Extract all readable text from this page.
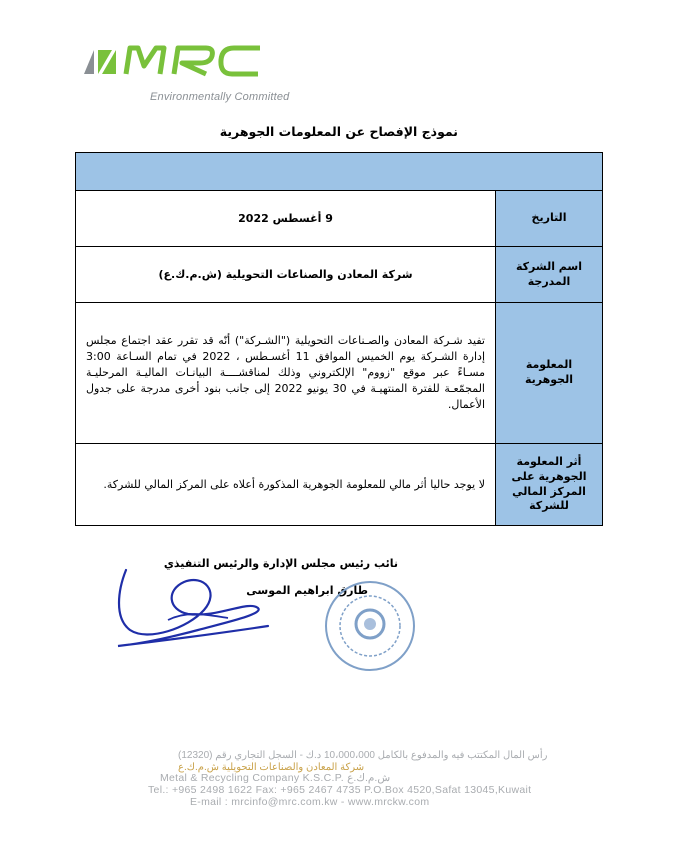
MRC
Environmentally Committed
نموذج الإفصاح عن المعلومات الجوهرية
التاريخ
9 أغسطس 2022
اسم الشركة المدرجة
شركة المعادن والصناعات التحويلية (ش.م.ك.ع)
المعلومة الجوهرية
تفيد شـركة المعادن والصـناعات التحويلية ("الشـركة") أنّه قد تقرر عقد اجتماع مجلس إدارة الشـركة يوم الخميس الموافق 11 أغسـطس ، 2022 في تمام السـاعة 3:00 مسـاءً عبر موقع "زووم" الإلكتروني وذلك لمناقشــــة البيانـات الماليـة المرحليـة المجمّعـة للفترة المنتهيـة في 30 يونيو 2022 إلى جانب بنود أخرى مدرجة على جدول الأعمال.
أثر المعلومة الجوهرية على المركز المالي للشركة
لا يوجد حاليا أثر مالي للمعلومة الجوهرية المذكورة أعلاه على المركز المالي للشركة.
نائب رئيس مجلس الإدارة والرئيس التنفيذي
طارق ابراهيم الموسى
رأس المال المكتتب فيه والمدفوع بالكامل 10،000،000 د.ك - السجل التجاري رقم (12320)
شركة المعادن والصناعات التحويلية ش.م.ك.ع
Metal & Recycling Company K.S.C.P. ش.م.ك.ع
Tel.: +965 2498 1622 Fax: +965 2467 4735 P.O.Box 4520,Safat 13045,Kuwait
E-mail : mrcinfo@mrc.com.kw - www.mrckw.com
